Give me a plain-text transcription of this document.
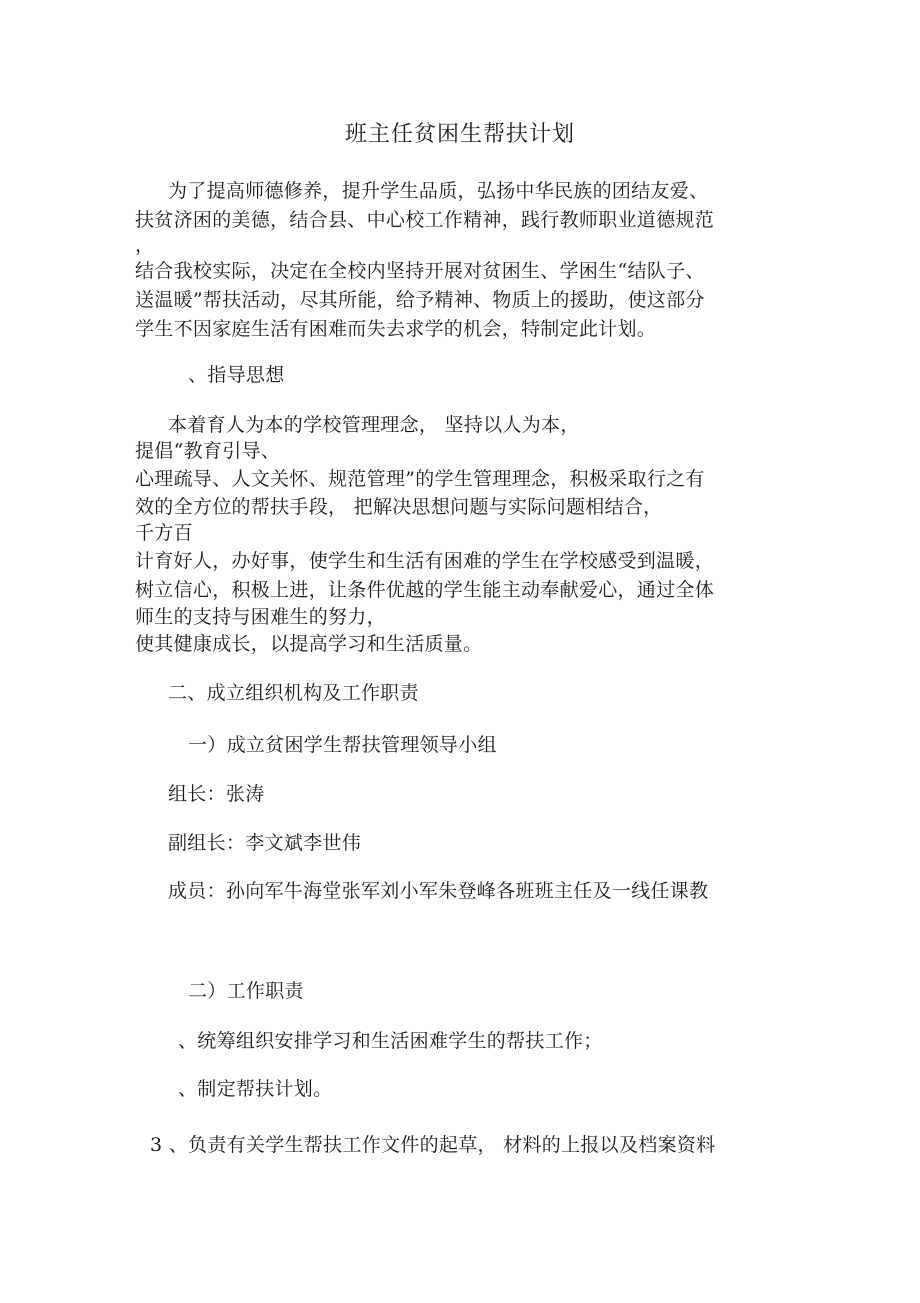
班主任贫困生帮扶计划
为了提高师德修养，提升学生品质，弘扬中华民族的团结友爱、
扶贫济困的美德，结合县、中心校工作精神，践行教师职业道德规范
，
结合我校实际，决定在全校内坚持开展对贫困生、学困生“结队子、
送温暖”帮扶活动，尽其所能，给予精神、物质上的援助，使这部分
学生不因家庭生活有困难而失去求学的机会，特制定此计划。
、指导思想
本着育人为本的学校管理理念， 坚持以人为本，
提倡“教育引导、
心理疏导、人文关怀、规范管理”的学生管理理念，积极采取行之有
效的全方位的帮扶手段， 把解决思想问题与实际问题相结合，
千方百
计育好人，办好事，使学生和生活有困难的学生在学校感受到温暖，
树立信心，积极上进，让条件优越的学生能主动奉献爱心，通过全体
师生的支持与困难生的努力，
使其健康成长，以提高学习和生活质量。
二、成立组织机构及工作职责
一）成立贫困学生帮扶管理领导小组
组长：张涛
副组长：李文斌李世伟
成员：孙向军牛海堂张军刘小军朱登峰各班班主任及一线任课教
二）工作职责
、统筹组织安排学习和生活困难学生的帮扶工作；
、制定帮扶计划。
3 、负责有关学生帮扶工作文件的起草， 材料的上报以及档案资料
